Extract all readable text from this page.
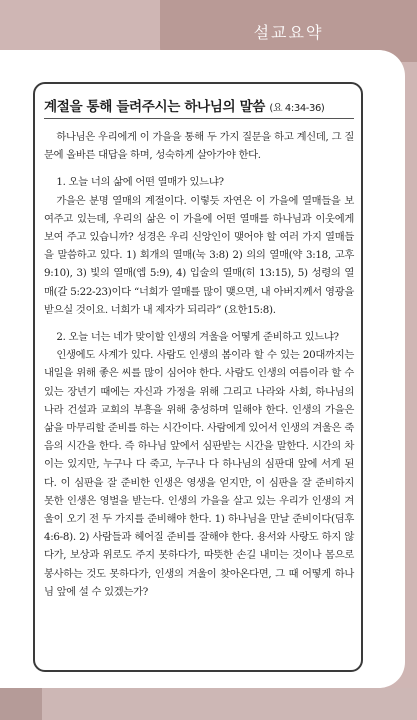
설교요약
계절을 통해 들려주시는 하나님의 말씀 (요 4:34-36)

하나님은 우리에게 이 가을을 통해 두 가지 질문을 하고 계신데, 그 질문에 올바른 대답을 하며, 성숙하게 살아가야 한다.

1. 오늘 너의 삶에 어떤 열매가 있느냐?

가을은 분명 열매의 계절이다. 이렇듯 자연은 이 가을에 열매들을 보여주고 있는데, 우리의 삶은 이 가을에 어떤 열매를 하나님과 이웃에게 보여 주고 있습니까? 성경은 우리 신앙인이 맺어야 할 여러 가지 열매들을 말씀하고 있다. 1) 회개의 열매(눅 3:8) 2) 의의 열매(약 3:18, 고후 9:10), 3) 빛의 열매(엡 5:9), 4) 입술의 열매(히 13:15), 5) 성령의 열매(갈 5:22-23)이다 “너희가 열매를 많이 맺으면, 내 아버지께서 영광을 받으실 것이요. 너희가 내 제자가 되리라” (요한15:8).

2. 오늘 너는 네가 맞이할 인생의 겨울을 어떻게 준비하고 있느냐?

인생에도 사계가 있다. 사람도 인생의 봄이라 할 수 있는 20대까지는 내일을 위해 좋은 씨를 많이 심어야 한다. 사람도 인생의 여름이라 할 수 있는 장년기 때에는 자신과 가정을 위해 그리고 나라와 사회, 하나님의 나라 건설과 교회의 부흥을 위해 충성하며 일해야 한다. 인생의 가을은 삶을 마무리할 준비를 하는 시간이다. 사람에게 있어서 인생의 겨울은 죽음의 시간을 한다. 즉 하나님 앞에서 심판받는 시간을 말한다. 시간의 차이는 있지만, 누구나 다 죽고, 누구나 다 하나님의 심판대 앞에 서게 된다. 이 심판을 잘 준비한 인생은 영생을 얻지만, 이 심판을 잘 준비하지 못한 인생은 영벌을 받는다. 인생의 가을을 살고 있는 우리가 인생의 겨울이 오기 전 두 가지를 준비해야 한다. 1) 하나님을 만날 준비이다(딤후 4:6-8). 2) 사람들과 헤어질 준비를 잘해야 한다. 용서와 사랑도 하지 않다가, 보상과 위로도 주지 못하다가, 따뜻한 손길 내미는 것이나 몸으로 봉사하는 것도 못하다가, 인생의 겨울이 찾아온다면, 그 때 어떻게 하나님 앞에 설 수 있겠는가?
